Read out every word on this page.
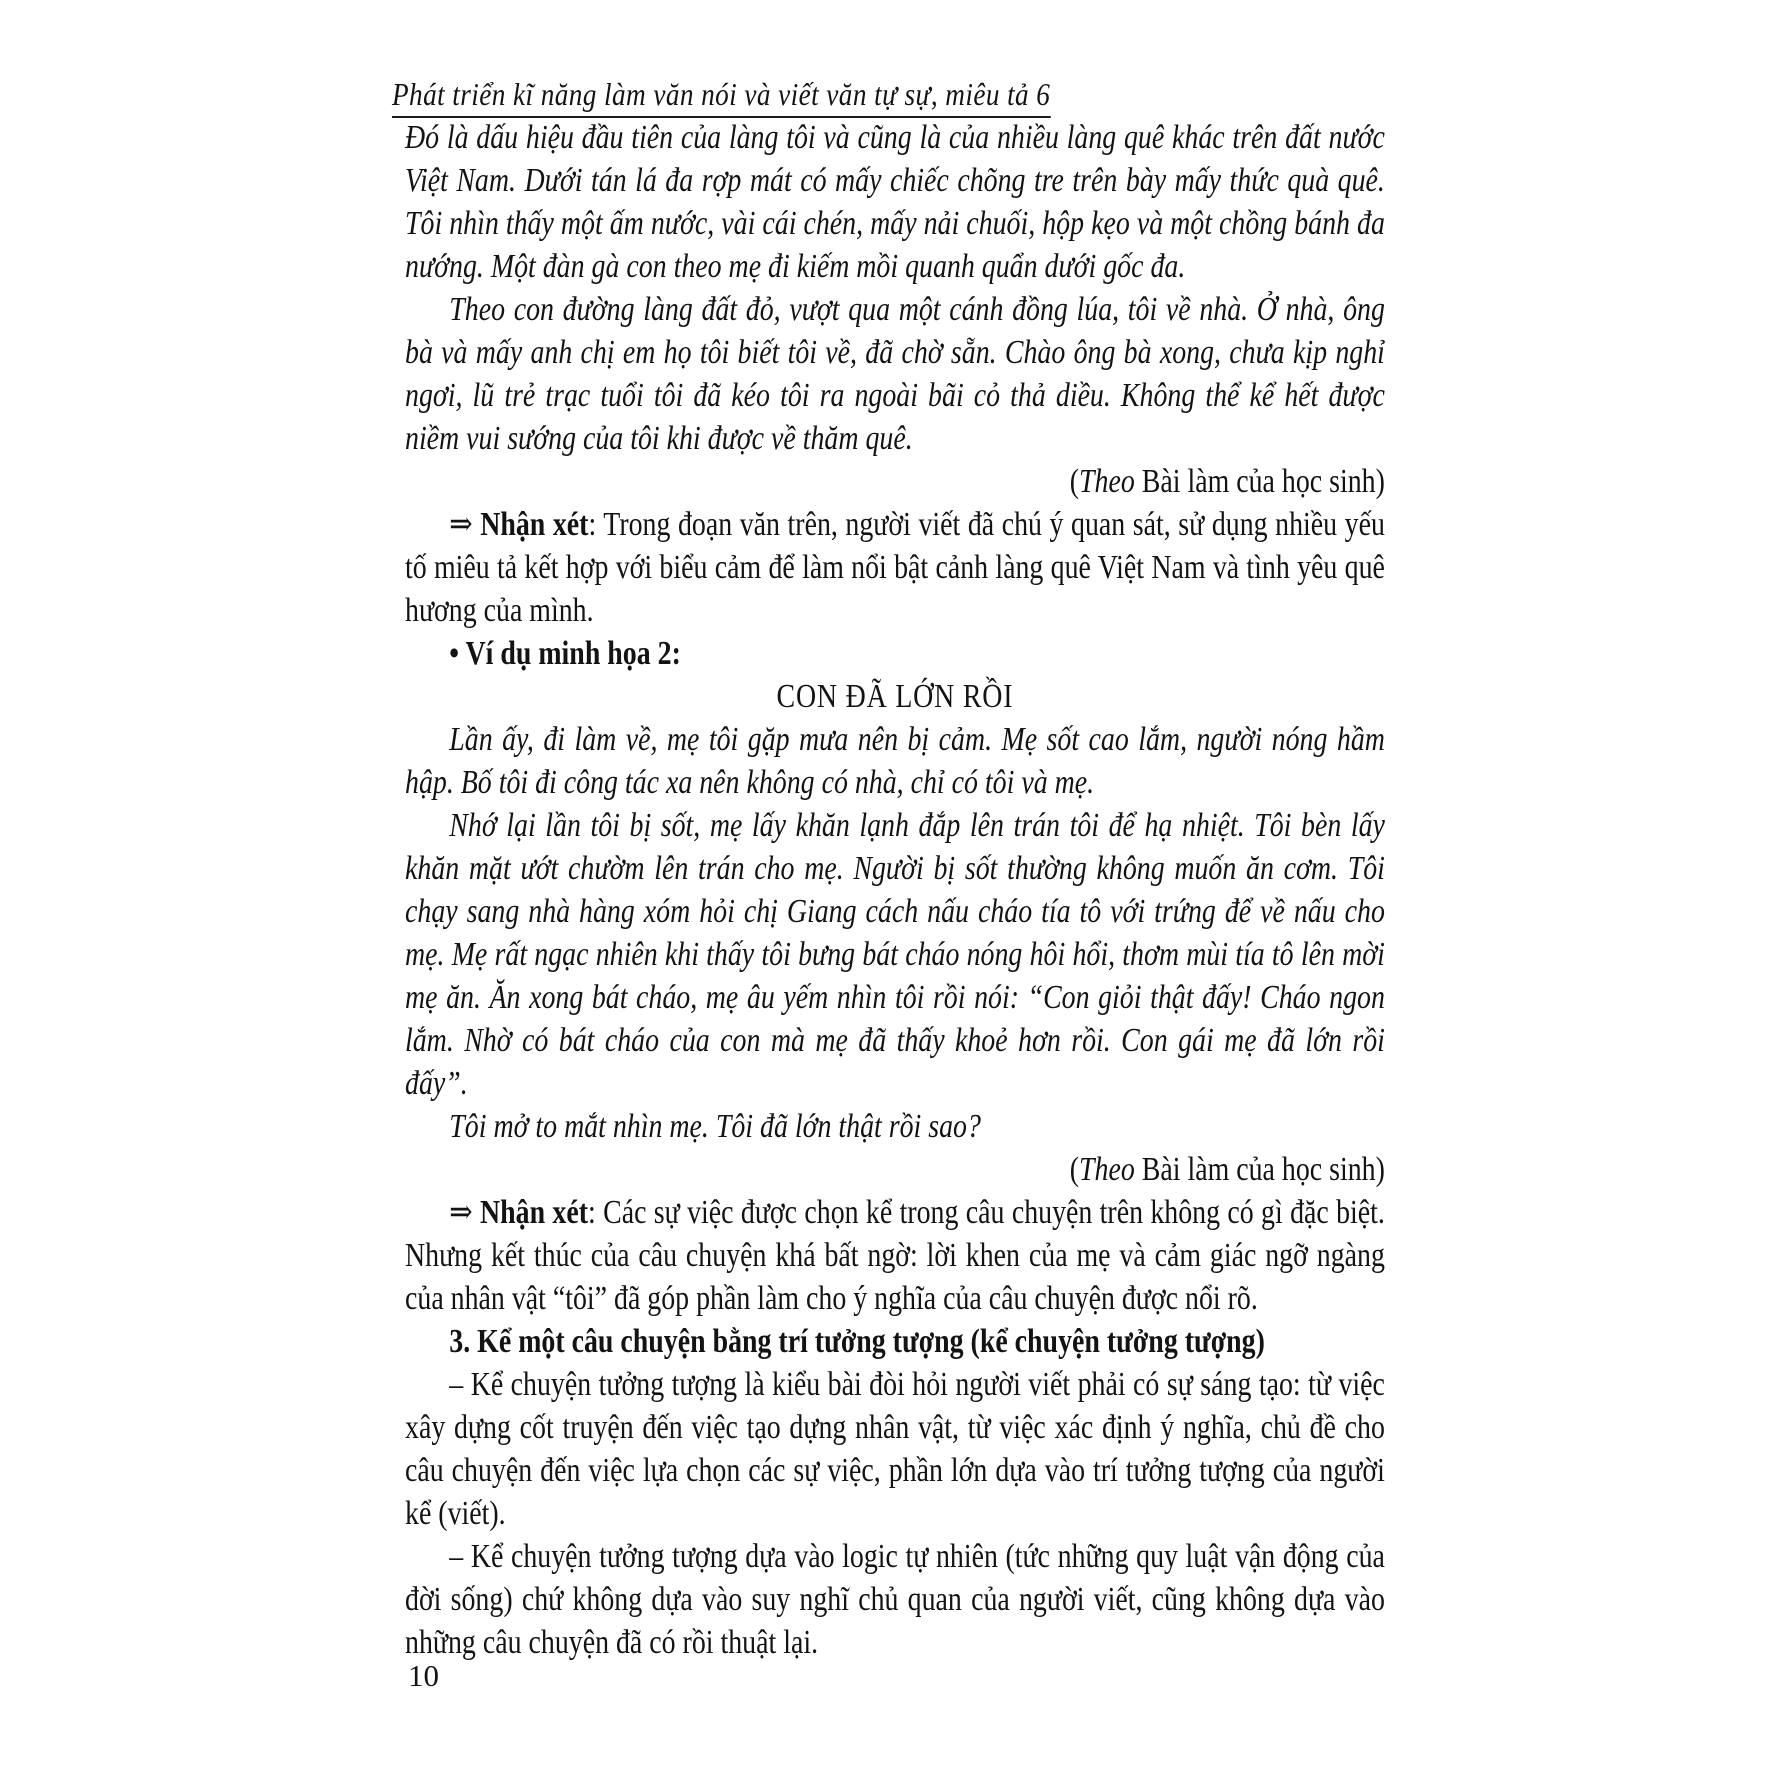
Phát triển kĩ năng làm văn nói và viết văn tự sự, miêu tả 6

Đó là dấu hiệu đầu tiên của làng tôi và cũng là của nhiều làng quê khác trên đất nước Việt Nam. Dưới tán lá đa rợp mát có mấy chiếc chõng tre trên bày mấy thức quà quê. Tôi nhìn thấy một ấm nước, vài cái chén, mấy nải chuối, hộp kẹo và một chồng bánh đa nướng. Một đàn gà con theo mẹ đi kiếm mồi quanh quẩn dưới gốc đa.

Theo con đường làng đất đỏ, vượt qua một cánh đồng lúa, tôi về nhà. Ở nhà, ông bà và mấy anh chị em họ tôi biết tôi về, đã chờ sẵn. Chào ông bà xong, chưa kịp nghỉ ngơi, lũ trẻ trạc tuổi tôi đã kéo tôi ra ngoài bãi cỏ thả diều. Không thể kể hết được niềm vui sướng của tôi khi được về thăm quê.

(Theo Bài làm của học sinh)

⇒ Nhận xét: Trong đoạn văn trên, người viết đã chú ý quan sát, sử dụng nhiều yếu tố miêu tả kết hợp với biểu cảm để làm nổi bật cảnh làng quê Việt Nam và tình yêu quê hương của mình.

• Ví dụ minh họa 2:

CON ĐÃ LỚN RỒI

Lần ấy, đi làm về, mẹ tôi gặp mưa nên bị cảm. Mẹ sốt cao lắm, người nóng hầm hập. Bố tôi đi công tác xa nên không có nhà, chỉ có tôi và mẹ.

Nhớ lại lần tôi bị sốt, mẹ lấy khăn lạnh đắp lên trán tôi để hạ nhiệt. Tôi bèn lấy khăn mặt ướt chườm lên trán cho mẹ. Người bị sốt thường không muốn ăn cơm. Tôi chạy sang nhà hàng xóm hỏi chị Giang cách nấu cháo tía tô với trứng để về nấu cho mẹ. Mẹ rất ngạc nhiên khi thấy tôi bưng bát cháo nóng hôi hổi, thơm mùi tía tô lên mời mẹ ăn. Ăn xong bát cháo, mẹ âu yếm nhìn tôi rồi nói: “Con giỏi thật đấy! Cháo ngon lắm. Nhờ có bát cháo của con mà mẹ đã thấy khoẻ hơn rồi. Con gái mẹ đã lớn rồi đấy”.

Tôi mở to mắt nhìn mẹ. Tôi đã lớn thật rồi sao?

(Theo Bài làm của học sinh)

⇒ Nhận xét: Các sự việc được chọn kể trong câu chuyện trên không có gì đặc biệt. Nhưng kết thúc của câu chuyện khá bất ngờ: lời khen của mẹ và cảm giác ngỡ ngàng của nhân vật “tôi” đã góp phần làm cho ý nghĩa của câu chuyện được nổi rõ.

3. Kể một câu chuyện bằng trí tưởng tượng (kể chuyện tưởng tượng)

– Kể chuyện tưởng tượng là kiểu bài đòi hỏi người viết phải có sự sáng tạo: từ việc xây dựng cốt truyện đến việc tạo dựng nhân vật, từ việc xác định ý nghĩa, chủ đề cho câu chuyện đến việc lựa chọn các sự việc, phần lớn dựa vào trí tưởng tượng của người kể (viết).

– Kể chuyện tưởng tượng dựa vào logic tự nhiên (tức những quy luật vận động của đời sống) chứ không dựa vào suy nghĩ chủ quan của người viết, cũng không dựa vào những câu chuyện đã có rồi thuật lại.

10
